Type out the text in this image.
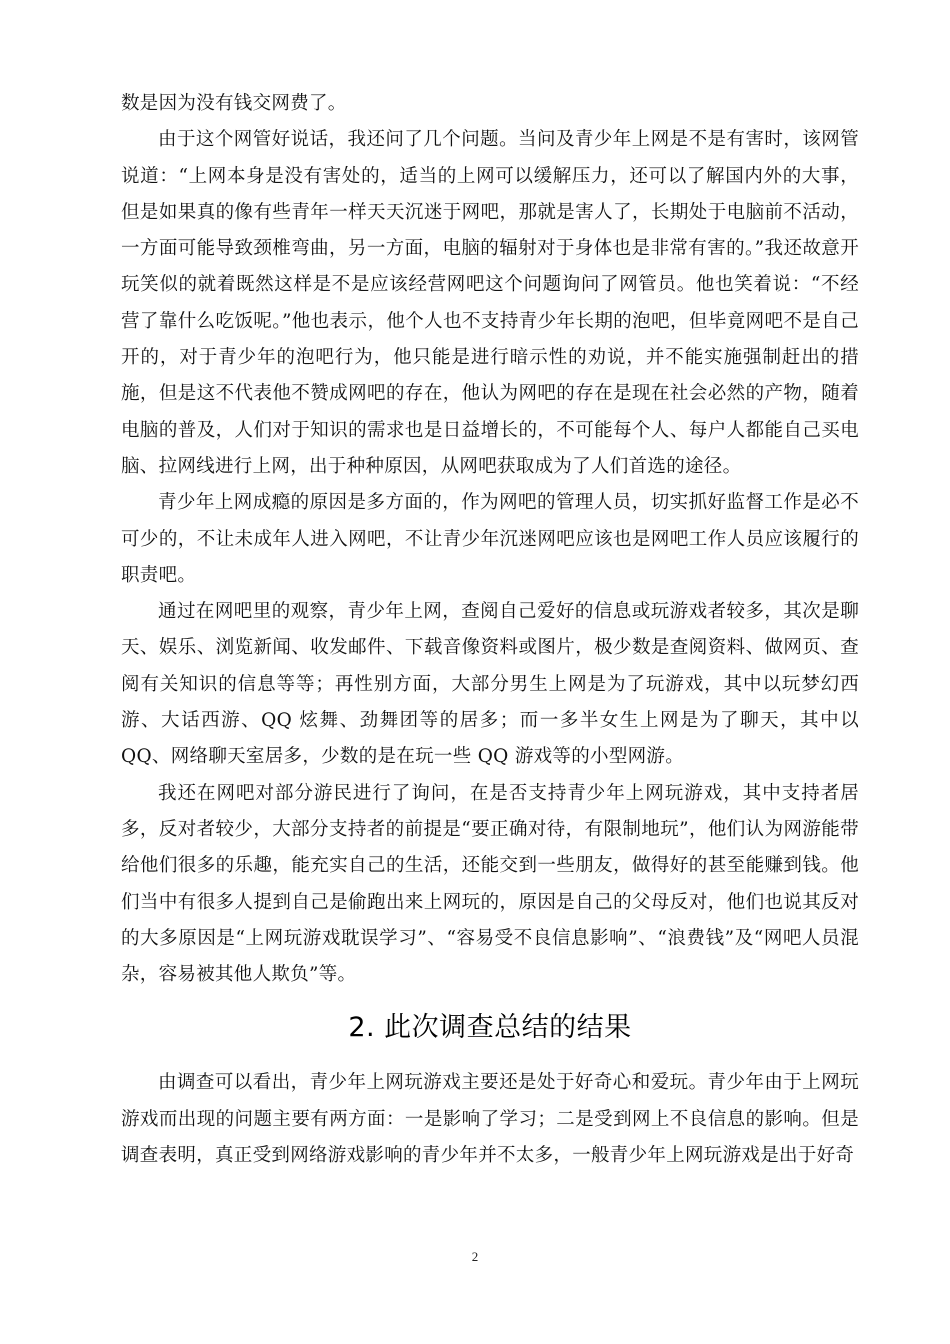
数是因为没有钱交网费了。

由于这个网管好说话，我还问了几个问题。当问及青少年上网是不是有害时，该网管说道：“上网本身是没有害处的，适当的上网可以缓解压力，还可以了解国内外的大事，但是如果真的像有些青年一样天天沉迷于网吧，那就是害人了，长期处于电脑前不活动，一方面可能导致颈椎弯曲，另一方面，电脑的辐射对于身体也是非常有害的。”我还故意开玩笑似的就着既然这样是不是应该经营网吧这个问题询问了网管员。他也笑着说：“不经营了靠什么吃饭呢。”他也表示，他个人也不支持青少年长期的泡吧，但毕竟网吧不是自己开的，对于青少年的泡吧行为，他只能是进行暗示性的劝说，并不能实施强制赶出的措施，但是这不代表他不赞成网吧的存在，他认为网吧的存在是现在社会必然的产物，随着电脑的普及，人们对于知识的需求也是日益增长的，不可能每个人、每户人都能自己买电脑、拉网线进行上网，出于种种原因，从网吧获取成为了人们首选的途径。

青少年上网成瘾的原因是多方面的，作为网吧的管理人员，切实抓好监督工作是必不可少的，不让未成年人进入网吧，不让青少年沉迷网吧应该也是网吧工作人员应该履行的职责吧。

通过在网吧里的观察，青少年上网，查阅自己爱好的信息或玩游戏者较多，其次是聊天、娱乐、浏览新闻、收发邮件、下载音像资料或图片，极少数是查阅资料、做网页、查阅有关知识的信息等等；再性别方面，大部分男生上网是为了玩游戏，其中以玩梦幻西游、大话西游、QQ 炫舞、劲舞团等的居多；而一多半女生上网是为了聊天，其中以 QQ、网络聊天室居多，少数的是在玩一些 QQ 游戏等的小型网游。

我还在网吧对部分游民进行了询问，在是否支持青少年上网玩游戏，其中支持者居多，反对者较少，大部分支持者的前提是“要正确对待，有限制地玩”，他们认为网游能带给他们很多的乐趣，能充实自己的生活，还能交到一些朋友，做得好的甚至能赚到钱。他们当中有很多人提到自己是偷跑出来上网玩的，原因是自己的父母反对，他们也说其反对的大多原因是“上网玩游戏耽误学习”、“容易受不良信息影响”、“浪费钱”及“网吧人员混杂，容易被其他人欺负”等。

2. 此次调查总结的结果

由调查可以看出，青少年上网玩游戏主要还是处于好奇心和爱玩。青少年由于上网玩游戏而出现的问题主要有两方面：一是影响了学习；二是受到网上不良信息的影响。但是调查表明，真正受到网络游戏影响的青少年并不太多，一般青少年上网玩游戏是出于好奇

2
